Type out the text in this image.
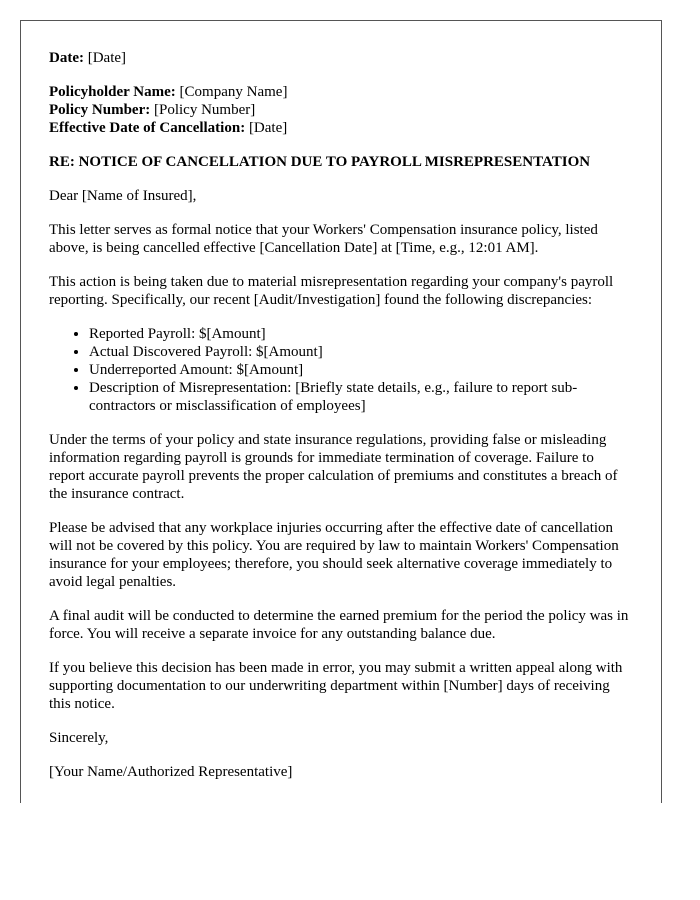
Date: [Date]

Policyholder Name: [Company Name]
Policy Number: [Policy Number]
Effective Date of Cancellation: [Date]

RE: NOTICE OF CANCELLATION DUE TO PAYROLL MISREPRESENTATION

Dear [Name of Insured],

This letter serves as formal notice that your Workers' Compensation insurance policy, listed above, is being cancelled effective [Cancellation Date] at [Time, e.g., 12:01 AM].

This action is being taken due to material misrepresentation regarding your company's payroll reporting. Specifically, our recent [Audit/Investigation] found the following discrepancies:

• Reported Payroll: $[Amount]
• Actual Discovered Payroll: $[Amount]
• Underreported Amount: $[Amount]
• Description of Misrepresentation: [Briefly state details, e.g., failure to report sub-contractors or misclassification of employees]

Under the terms of your policy and state insurance regulations, providing false or misleading information regarding payroll is grounds for immediate termination of coverage. Failure to report accurate payroll prevents the proper calculation of premiums and constitutes a breach of the insurance contract.

Please be advised that any workplace injuries occurring after the effective date of cancellation will not be covered by this policy. You are required by law to maintain Workers' Compensation insurance for your employees; therefore, you should seek alternative coverage immediately to avoid legal penalties.

A final audit will be conducted to determine the earned premium for the period the policy was in force. You will receive a separate invoice for any outstanding balance due.

If you believe this decision has been made in error, you may submit a written appeal along with supporting documentation to our underwriting department within [Number] days of receiving this notice.

Sincerely,

[Your Name/Authorized Representative]
